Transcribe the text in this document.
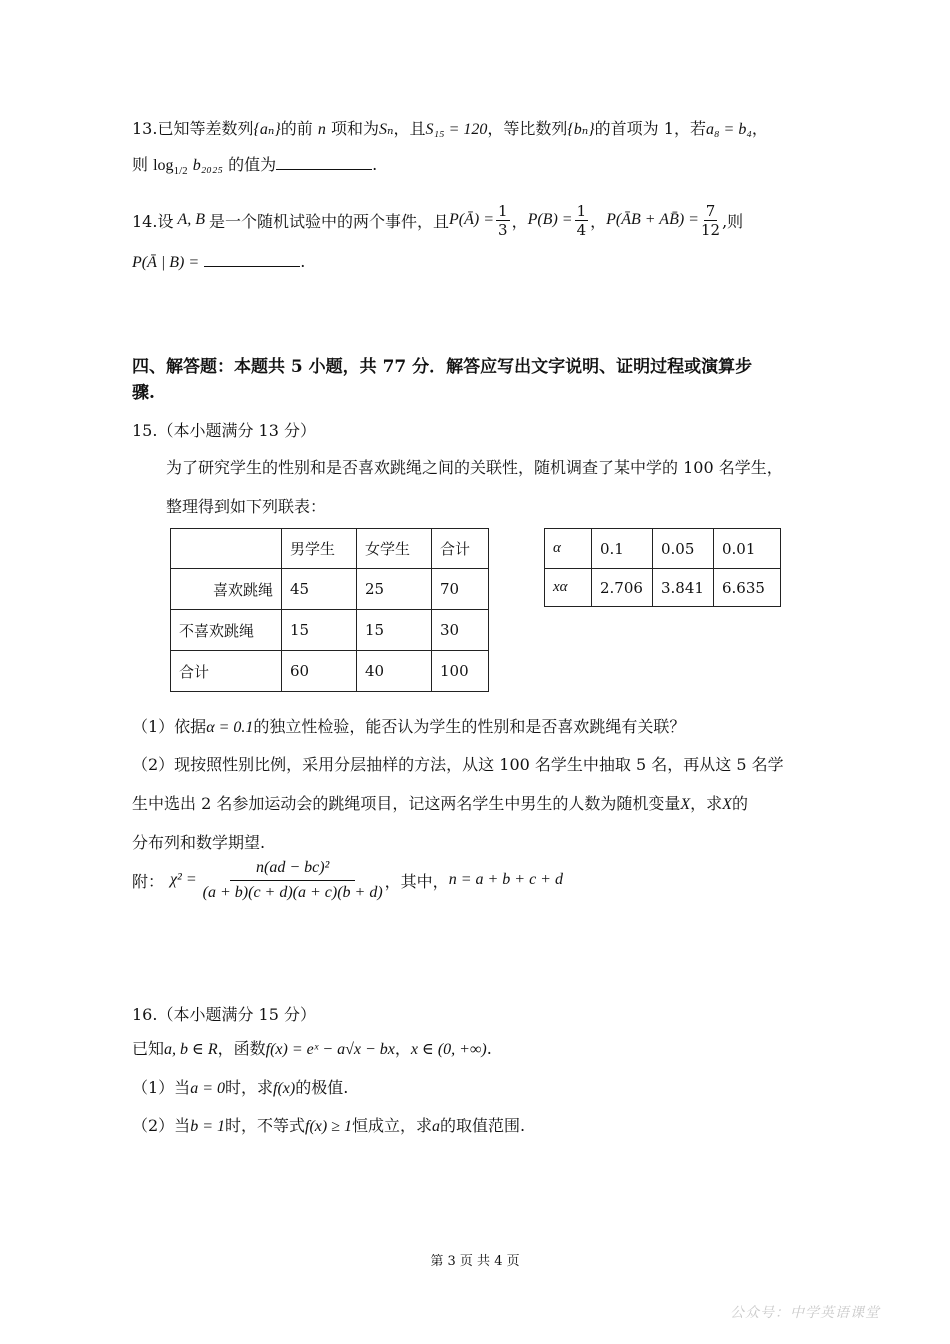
13.已知等差数列{aₙ}的前 n 项和为Sₙ，且S₁₅ = 120，等比数列{bₙ}的首项为 1，若a₈ = b₄，
则 $\log_{1/2} b_{2025}$ 的值为	.
14.设 A, B 是一个随机试验中的两个事件，且 P(Ā) = $\frac{1}{3}$ ， $P(B) = \frac{1}{4}$ ， P(ĀB + AB̄) = $\frac{7}{12}$ ,则
P(Ā | B) =	.
四、解答题：本题共 5 小题，共 77 分．解答应写出文字说明、证明过程或演算步
骤.
15.（本小题满分 13 分）
为了研究学生的性别和是否喜欢跳绳之间的关联性，随机调查了某中学的 100 名学生，
整理得到如下列联表：
	男学生	女学生	合计
喜欢跳绳	45	25	70
不喜欢跳绳	15	15	30
合计	60	40	100
α	0.1	0.05	0.01
xα	2.706	3.841	6.635
（1）依据α = 0.1的独立性检验，能否认为学生的性别和是否喜欢跳绳有关联？
（2）现按照性别比例，采用分层抽样的方法，从这 100 名学生中抽取 5 名，再从这 5 名学
生中选出 2 名参加运动会的跳绳项目，记这两名学生中男生的人数为随机变量X，求X的
分布列和数学期望.
附： $\chi^2 = \frac{\text{n(ad − bc)²}}{(a + b)(c + d)(a + c)(b + d)}$ ，其中， n = a + b + c + d
16.（本小题满分 15 分）
已知a, b ∈ R，函数f(x) = eˣ − a√x − bx，x ∈ (0, +∞).
（1）当a = 0时，求f(x)的极值.
（2）当b = 1时，不等式f(x) ≥ 1恒成立，求a的取值范围.
第 3 页 共 4 页
公众号：中学英语课堂
